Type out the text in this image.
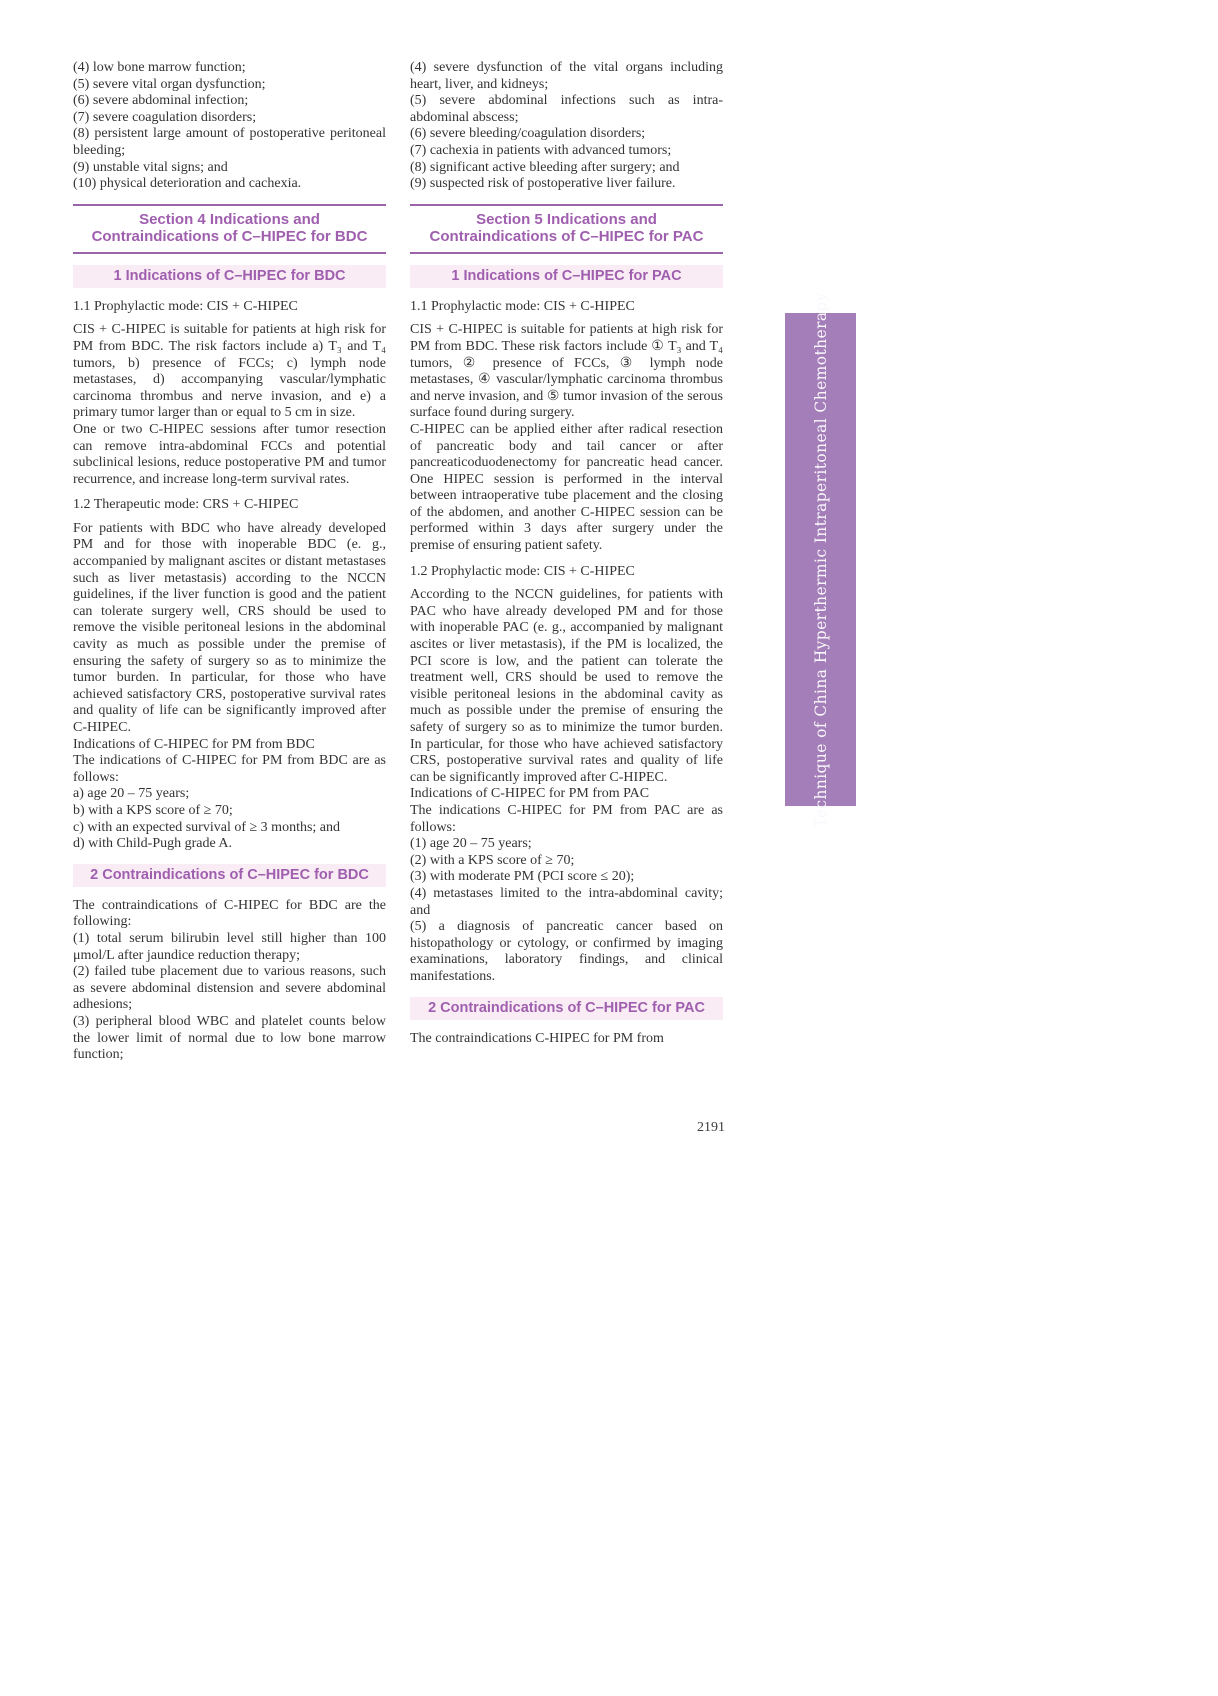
(4) low bone marrow function;

(5) severe vital organ dysfunction;

(6) severe abdominal infection;

(7) severe coagulation disorders;

(8) persistent large amount of postoperative peritoneal bleeding;

(9) unstable vital signs; and

(10) physical deterioration and cachexia.

Section 4 Indications and
Contraindications of C–HIPEC for BDC
1 Indications of C–HIPEC for BDC
1.1 Prophylactic mode: CIS + C-HIPEC

CIS + C-HIPEC is suitable for patients at high risk for PM from BDC. The risk factors include a) T₃ and T₄ tumors, b) presence of FCCs; c) lymph node metastases, d) accompanying vascular/lymphatic carcinoma thrombus and nerve invasion, and e) a primary tumor larger than or equal to 5 cm in size.

One or two C-HIPEC sessions after tumor resection can remove intra-abdominal FCCs and potential subclinical lesions, reduce postoperative PM and tumor recurrence, and increase long-term survival rates.

1.2 Therapeutic mode: CRS + C-HIPEC

For patients with BDC who have already developed PM and for those with inoperable BDC (e. g., accompanied by malignant ascites or distant metastases such as liver metastasis) according to the NCCN guidelines, if the liver function is good and the patient can tolerate surgery well, CRS should be used to remove the visible peritoneal lesions in the abdominal cavity as much as possible under the premise of ensuring the safety of surgery so as to minimize the tumor burden. In particular, for those who have achieved satisfactory CRS, postoperative survival rates and quality of life can be significantly improved after C-HIPEC.

Indications of C-HIPEC for PM from BDC

The indications of C-HIPEC for PM from BDC are as follows:

a) age 20 – 75 years;

b) with a KPS score of ≥ 70;

c) with an expected survival of ≥ 3 months; and

d) with Child-Pugh grade A.

2 Contraindications of C–HIPEC for BDC

The contraindications of C-HIPEC for BDC are the following:

(1) total serum bilirubin level still higher than 100 μmol/L after jaundice reduction therapy;

(2) failed tube placement due to various reasons, such as severe abdominal distension and severe abdominal adhesions;

(3) peripheral blood WBC and platelet counts below the lower limit of normal due to low bone marrow function;

(4) severe dysfunction of the vital organs including heart, liver, and kidneys;

(5) severe abdominal infections such as intra-abdominal abscess;

(6) severe bleeding/coagulation disorders;

(7) cachexia in patients with advanced tumors;

(8) significant active bleeding after surgery; and

(9) suspected risk of postoperative liver failure.

Section 5 Indications and
Contraindications of C–HIPEC for PAC
1 Indications of C–HIPEC for PAC
1.1 Prophylactic mode: CIS + C-HIPEC

CIS + C-HIPEC is suitable for patients at high risk for PM from BDC. These risk factors include ① T₃ and T₄ tumors, ② presence of FCCs, ③ lymph node metastases, ④ vascular/lymphatic carcinoma thrombus and nerve invasion, and ⑤ tumor invasion of the serous surface found during surgery.

C-HIPEC can be applied either after radical resection of pancreatic body and tail cancer or after pancreaticoduodenectomy for pancreatic head cancer. One HIPEC session is performed in the interval between intraoperative tube placement and the closing of the abdomen, and another C-HIPEC session can be performed within 3 days after surgery under the premise of ensuring patient safety.

1.2 Prophylactic mode: CIS + C-HIPEC

According to the NCCN guidelines, for patients with PAC who have already developed PM and for those with inoperable PAC (e. g., accompanied by malignant ascites or liver metastasis), if the PM is localized, the PCI score is low, and the patient can tolerate the treatment well, CRS should be used to remove the visible peritoneal lesions in the abdominal cavity as much as possible under the premise of ensuring the safety of surgery so as to minimize the tumor burden. In particular, for those who have achieved satisfactory CRS, postoperative survival rates and quality of life can be significantly improved after C-HIPEC.

Indications of C-HIPEC for PM from PAC

The indications C-HIPEC for PM from PAC are as follows:

(1) age 20 – 75 years;

(2) with a KPS score of ≥ 70;

(3) with moderate PM (PCI score ≤ 20);

(4) metastases limited to the intra-abdominal cavity; and

(5) a diagnosis of pancreatic cancer based on histopathology or cytology, or confirmed by imaging examinations, laboratory findings, and clinical manifestations.

2 Contraindications of C–HIPEC for PAC

The contraindications C-HIPEC for PM from

Technique of China Hyperthermic Intraperitoneal Chemotherapy
2191
